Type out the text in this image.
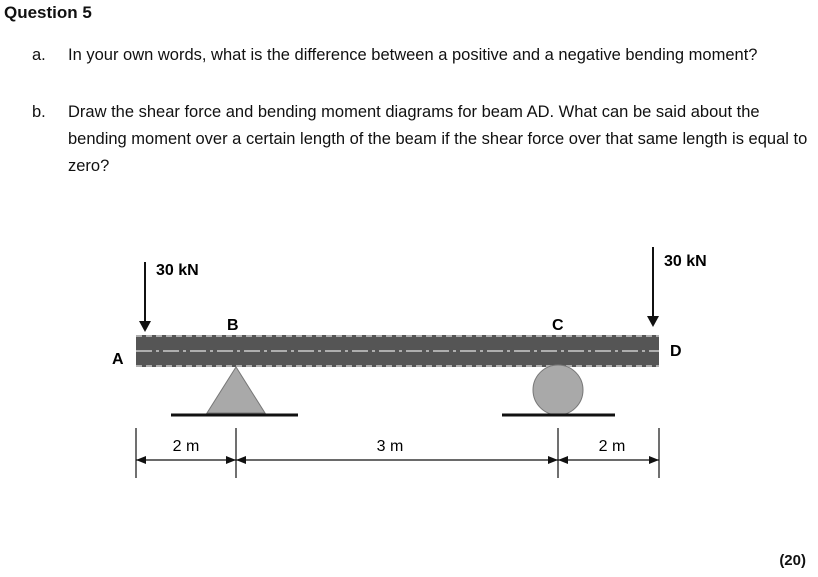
Question 5
a.	In your own words, what is the difference between a positive and a negative bending moment?
b.	Draw the shear force and bending moment diagrams for beam AD. What can be said about the bending moment over a certain length of the beam if the shear force over that same length is equal to zero?
30 kN
30 kN
A
B	C
D
2 m	3 m	2 m
(20)
